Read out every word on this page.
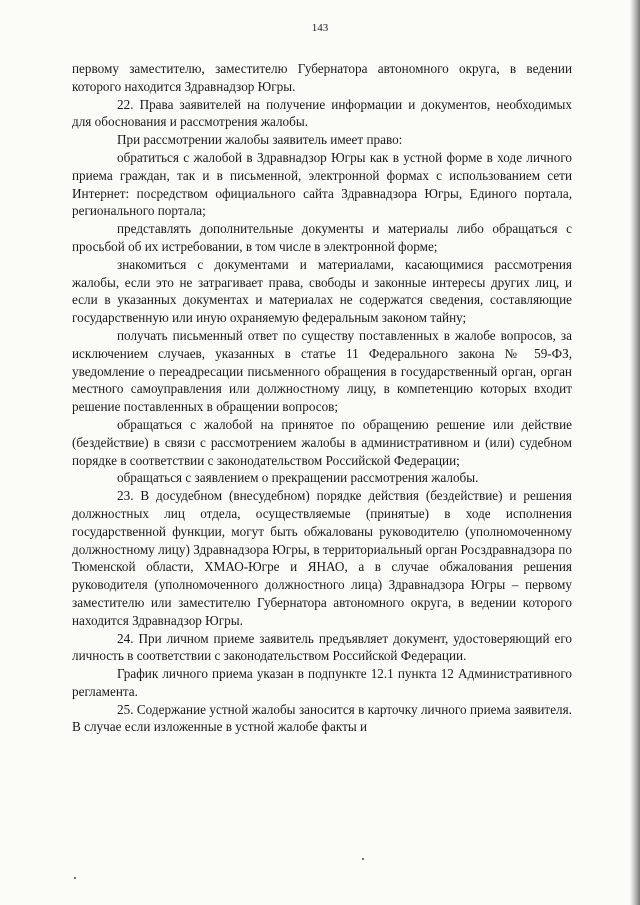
143

первому заместителю, заместителю Губернатора автономного округа, в ведении которого находится Здравнадзор Югры.

22. Права заявителей на получение информации и документов, необходимых для обоснования и рассмотрения жалобы.

При рассмотрении жалобы заявитель имеет право:

обратиться с жалобой в Здравнадзор Югры как в устной форме в ходе личного приема граждан, так и в письменной, электронной формах с использованием сети Интернет: посредством официального сайта Здравнадзора Югры, Единого портала, регионального портала;

представлять дополнительные документы и материалы либо обращаться с просьбой об их истребовании, в том числе в электронной форме;

знакомиться с документами и материалами, касающимися рассмотрения жалобы, если это не затрагивает права, свободы и законные интересы других лиц, и если в указанных документах и материалах не содержатся сведения, составляющие государственную или иную охраняемую федеральным законом тайну;

получать письменный ответ по существу поставленных в жалобе вопросов, за исключением случаев, указанных в статье 11 Федерального закона № 59-ФЗ, уведомление о переадресации письменного обращения в государственный орган, орган местного самоуправления или должностному лицу, в компетенцию которых входит решение поставленных в обращении вопросов;

обращаться с жалобой на принятое по обращению решение или действие (бездействие) в связи с рассмотрением жалобы в административном и (или) судебном порядке в соответствии с законодательством Российской Федерации;

обращаться с заявлением о прекращении рассмотрения жалобы.

23. В досудебном (внесудебном) порядке действия (бездействие) и решения должностных лиц отдела, осуществляемые (принятые) в ходе исполнения государственной функции, могут быть обжалованы руководителю (уполномоченному должностному лицу) Здравнадзора Югры, в территориальный орган Росздравнадзора по Тюменской области, ХМАО-Югре и ЯНАО, а в случае обжалования решения руководителя (уполномоченного должностного лица) Здравнадзора Югры – первому заместителю или заместителю Губернатора автономного округа, в ведении которого находится Здравнадзор Югры.

24. При личном приеме заявитель предъявляет документ, удостоверяющий его личность в соответствии с законодательством Российской Федерации.

График личного приема указан в подпункте 12.1 пункта 12 Административного регламента.

25. Содержание устной жалобы заносится в карточку личного приема заявителя. В случае если изложенные в устной жалобе факты и
